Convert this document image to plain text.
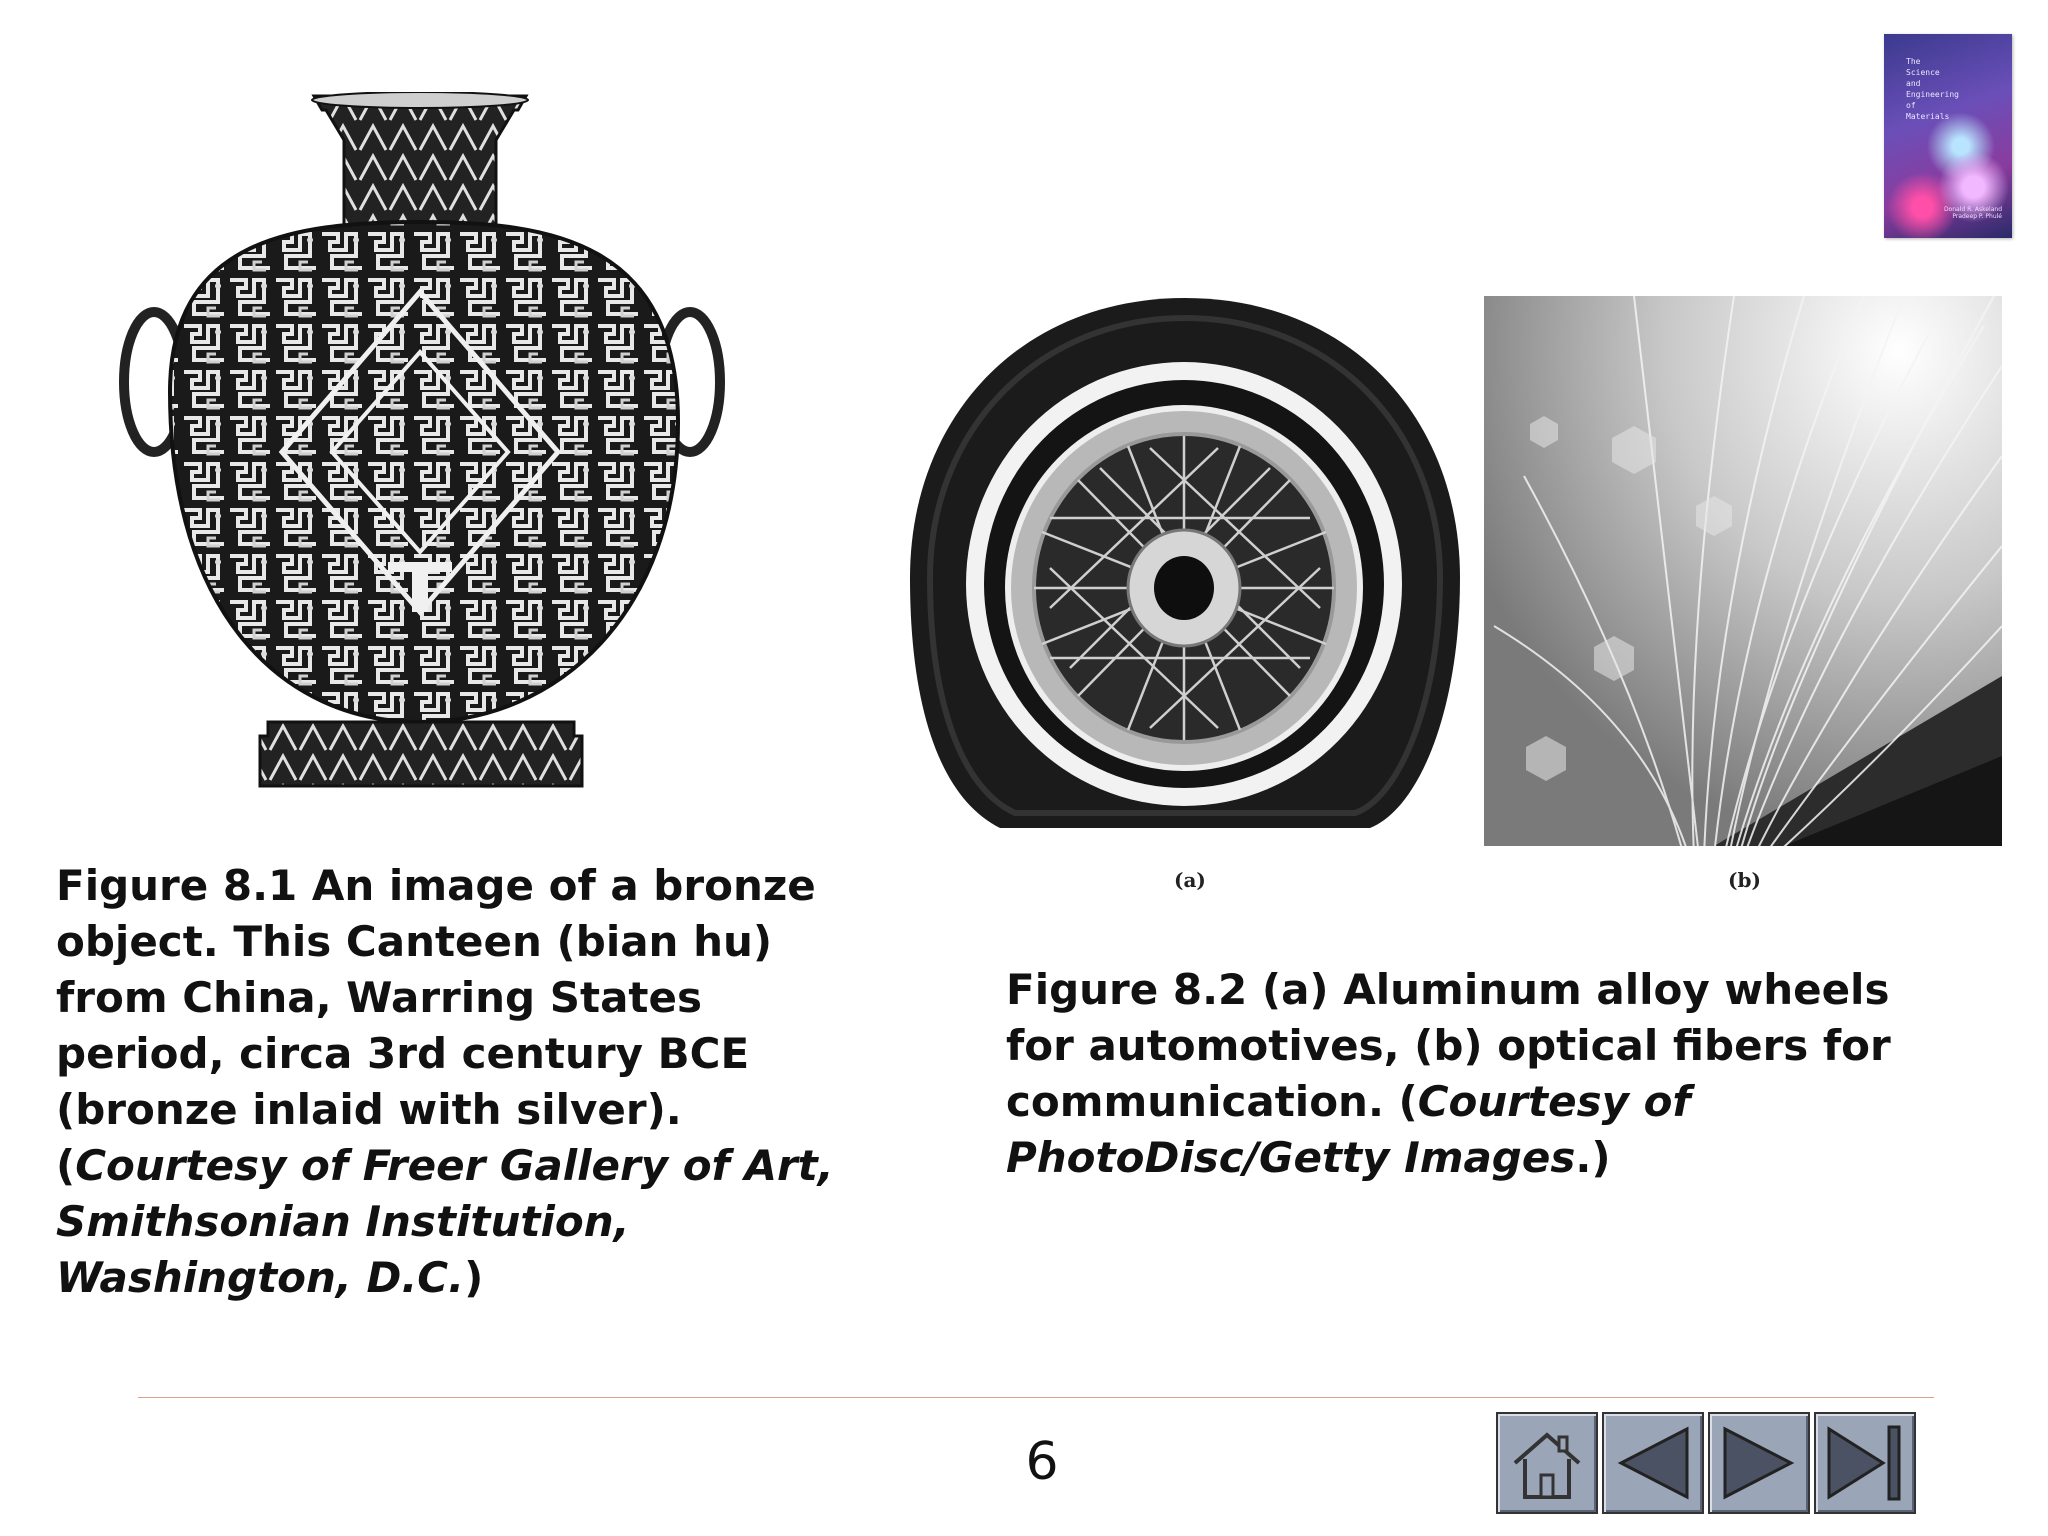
The
Science
and
Engineering
of
Materials
Donald R. Askeland
Pradeep P. Phulé
(a)	(b)
Figure 8.1 An image of a bronze object. This Canteen (bian hu) from China, Warring States period, circa 3rd century BCE (bronze inlaid with silver). (Courtesy of Freer Gallery of Art, Smithsonian Institution, Washington, D.C.)
Figure 8.2 (a) Aluminum alloy wheels for automotives, (b) optical fibers for communication. (Courtesy of PhotoDisc/Getty Images.)
6
